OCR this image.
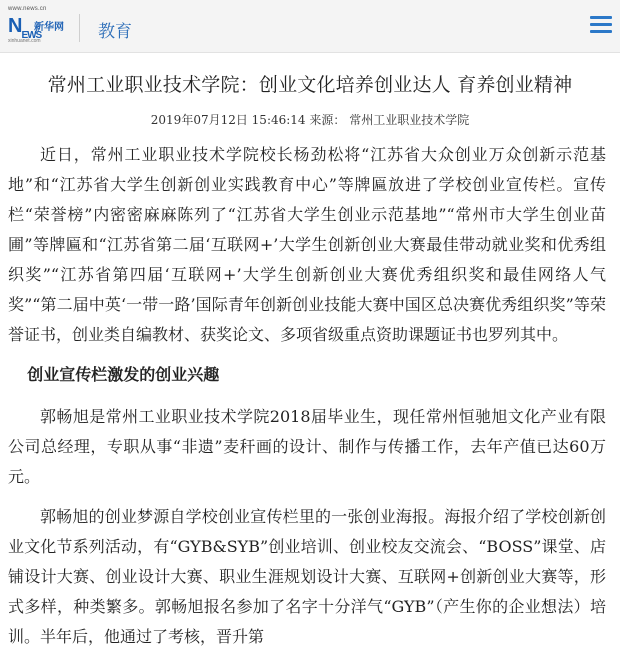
www.news.cn
$N_{EWS}$
新华网
xinhuanet.com	教育
常州工业职业技术学院：创业文化培养创业达人 育养创业精神
2019年07月12日 15:46:14 来源： 常州工业职业技术学院

近日，常州工业职业技术学院校长杨劲松将“江苏省大众创业万众创新示范基地”和“江苏省大学生创新创业实践教育中心”等牌匾放进了学校创业宣传栏。宣传栏“荣誉榜”内密密麻麻陈列了“江苏省大学生创业示范基地”“常州市大学生创业苗圃”等牌匾和“江苏省第二届‘互联网+’大学生创新创业大赛最佳带动就业奖和优秀组织奖”“江苏省第四届‘互联网+’大学生创新创业大赛优秀组织奖和最佳网络人气奖”“第二届中英‘一带一路’国际青年创新创业技能大赛中国区总决赛优秀组织奖”等荣誉证书，创业类自编教材、获奖论文、多项省级重点资助课题证书也罗列其中。

创业宣传栏激发的创业兴趣

郭畅旭是常州工业职业技术学院2018届毕业生，现任常州恒驰旭文化产业有限公司总经理，专职从事“非遗”麦秆画的设计、制作与传播工作，去年产值已达60万元。

郭畅旭的创业梦源自学校创业宣传栏里的一张创业海报。海报介绍了学校创新创业文化节系列活动，有“GYB&SYB”创业培训、创业校友交流会、“BOSS”课堂、店铺设计大赛、创业设计大赛、职业生涯规划设计大赛、互联网+创新创业大赛等，形式多样，种类繁多。郭畅旭报名参加了名字十分洋气“GYB”（产生你的企业想法）培训。半年后，他通过了考核，晋升第
